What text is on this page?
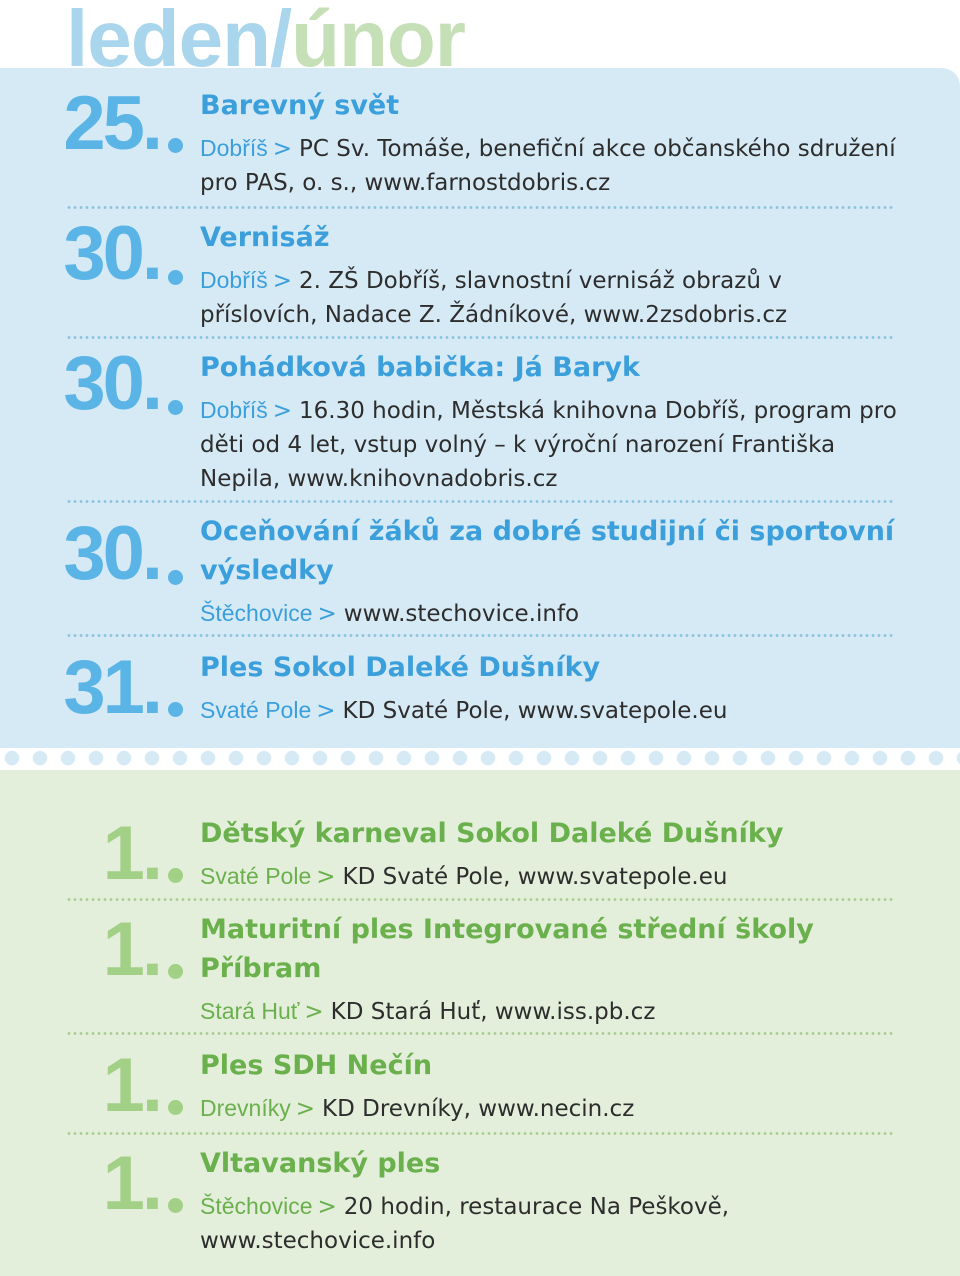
leden/únor
25. Barevný svět

Dobříš > PC Sv. Tomáše, benefiční akce občanského sdružení pro PAS, o. s., www.farnostdobris.cz

30. Vernisáž

Dobříš > 2. ZŠ Dobříš, slavnostní vernisáž obrazů v příslovích, Nadace Z. Žádníkové, www.2zsdobris.cz

30. Pohádková babička: Já Baryk

Dobříš > 16.30 hodin, Městská knihovna Dobříš, program pro děti od 4 let, vstup volný – k výroční narození Františka Nepila, www.knihovnadobris.cz

30. Oceňování žáků za dobré studijní či sportovní výsledky

Štěchovice > www.stechovice.info

31. Ples Sokol Daleké Dušníky

Svaté Pole > KD Svaté Pole, www.svatepole.eu

1. Dětský karneval Sokol Daleké Dušníky

Svaté Pole > KD Svaté Pole, www.svatepole.eu

1. Maturitní ples Integrované střední školy Příbram

Stará Huť > KD Stará Huť, www.iss.pb.cz

1. Ples SDH Nečín

Drevníky > KD Drevníky, www.necin.cz

1. Vltavanský ples

Štěchovice > 20 hodin, restaurace Na Peškově, www.stechovice.info
